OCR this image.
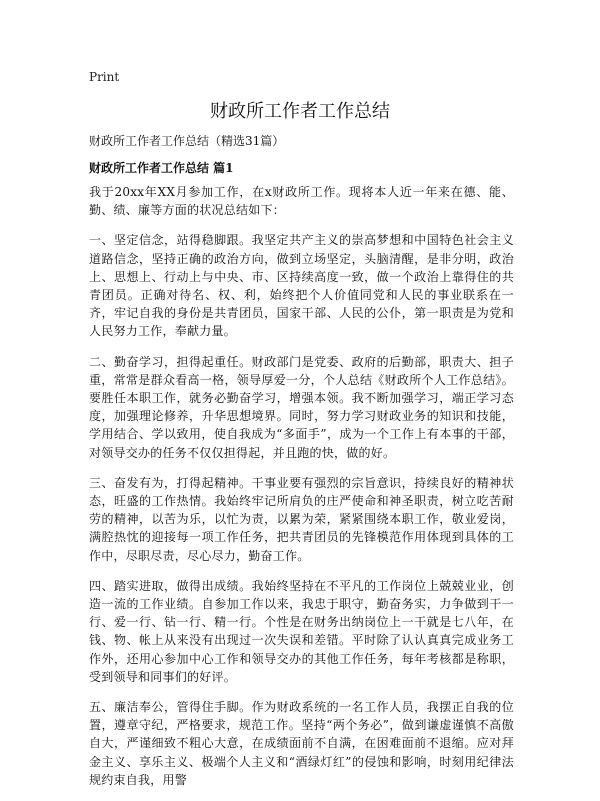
Print
财政所工作者工作总结
财政所工作者工作总结（精选31篇）
财政所工作者工作总结 篇1

我于20xx年XX月参加工作，在x财政所工作。现将本人近一年来在德、能、勤、绩、廉等方面的状况总结如下：

一、坚定信念，站得稳脚跟。我坚定共产主义的崇高梦想和中国特色社会主义道路信念，坚持正确的政治方向，做到立场坚定，头脑清醒，是非分明，政治上、思想上、行动上与中央、市、区持续高度一致，做一个政治上靠得住的共青团员。正确对待名、权、利，始终把个人价值同党和人民的事业联系在一齐，牢记自我的身份是共青团员，国家干部、人民的公仆，第一职责是为党和人民努力工作，奉献力量。

二、勤奋学习，担得起重任。财政部门是党委、政府的后勤部，职责大、担子重，常常是群众看高一格，领导厚爱一分，个人总结《财政所个人工作总结》。要胜任本职工作，就务必勤奋学习，增强本领。我不断加强学习，端正学习态度，加强理论修养，升华思想境界。同时，努力学习财政业务的知识和技能，学用结合、学以致用，使自我成为“多面手”，成为一个工作上有本事的干部，对领导交办的任务不仅仅担得起，并且跑的快，做的好。

三、奋发有为，打得起精神。干事业要有强烈的宗旨意识，持续良好的精神状态，旺盛的工作热情。我始终牢记所肩负的庄严使命和神圣职责，树立吃苦耐劳的精神，以苦为乐，以忙为责，以累为荣，紧紧围绕本职工作，敬业爱岗，满腔热忱的迎接每一项工作任务，把共青团员的先锋模范作用体现到具体的工作中，尽职尽责，尽心尽力，勤奋工作。

四、踏实进取，做得出成绩。我始终坚持在不平凡的工作岗位上兢兢业业，创造一流的工作业绩。自参加工作以来，我忠于职守，勤奋务实，力争做到干一行、爱一行、钻一行、精一行。个性是在财务出纳岗位上一干就是七八年，在钱、物、帐上从来没有出现过一次失误和差错。平时除了认认真真完成业务工作外，还用心参加中心工作和领导交办的其他工作任务，每年考核都是称职，受到领导和同事们的好评。

五、廉洁奉公，管得住手脚。作为财政系统的一名工作人员，我摆正自我的位置，遵章守纪，严格要求，规范工作。坚持“两个务必”，做到谦虚谨慎不高傲自大，严谨细致不粗心大意，在成绩面前不自满，在困难面前不退缩。应对拜金主义、享乐主义、极端个人主义和“酒绿灯红”的侵蚀和影响，时刻用纪律法规约束自我，用警
